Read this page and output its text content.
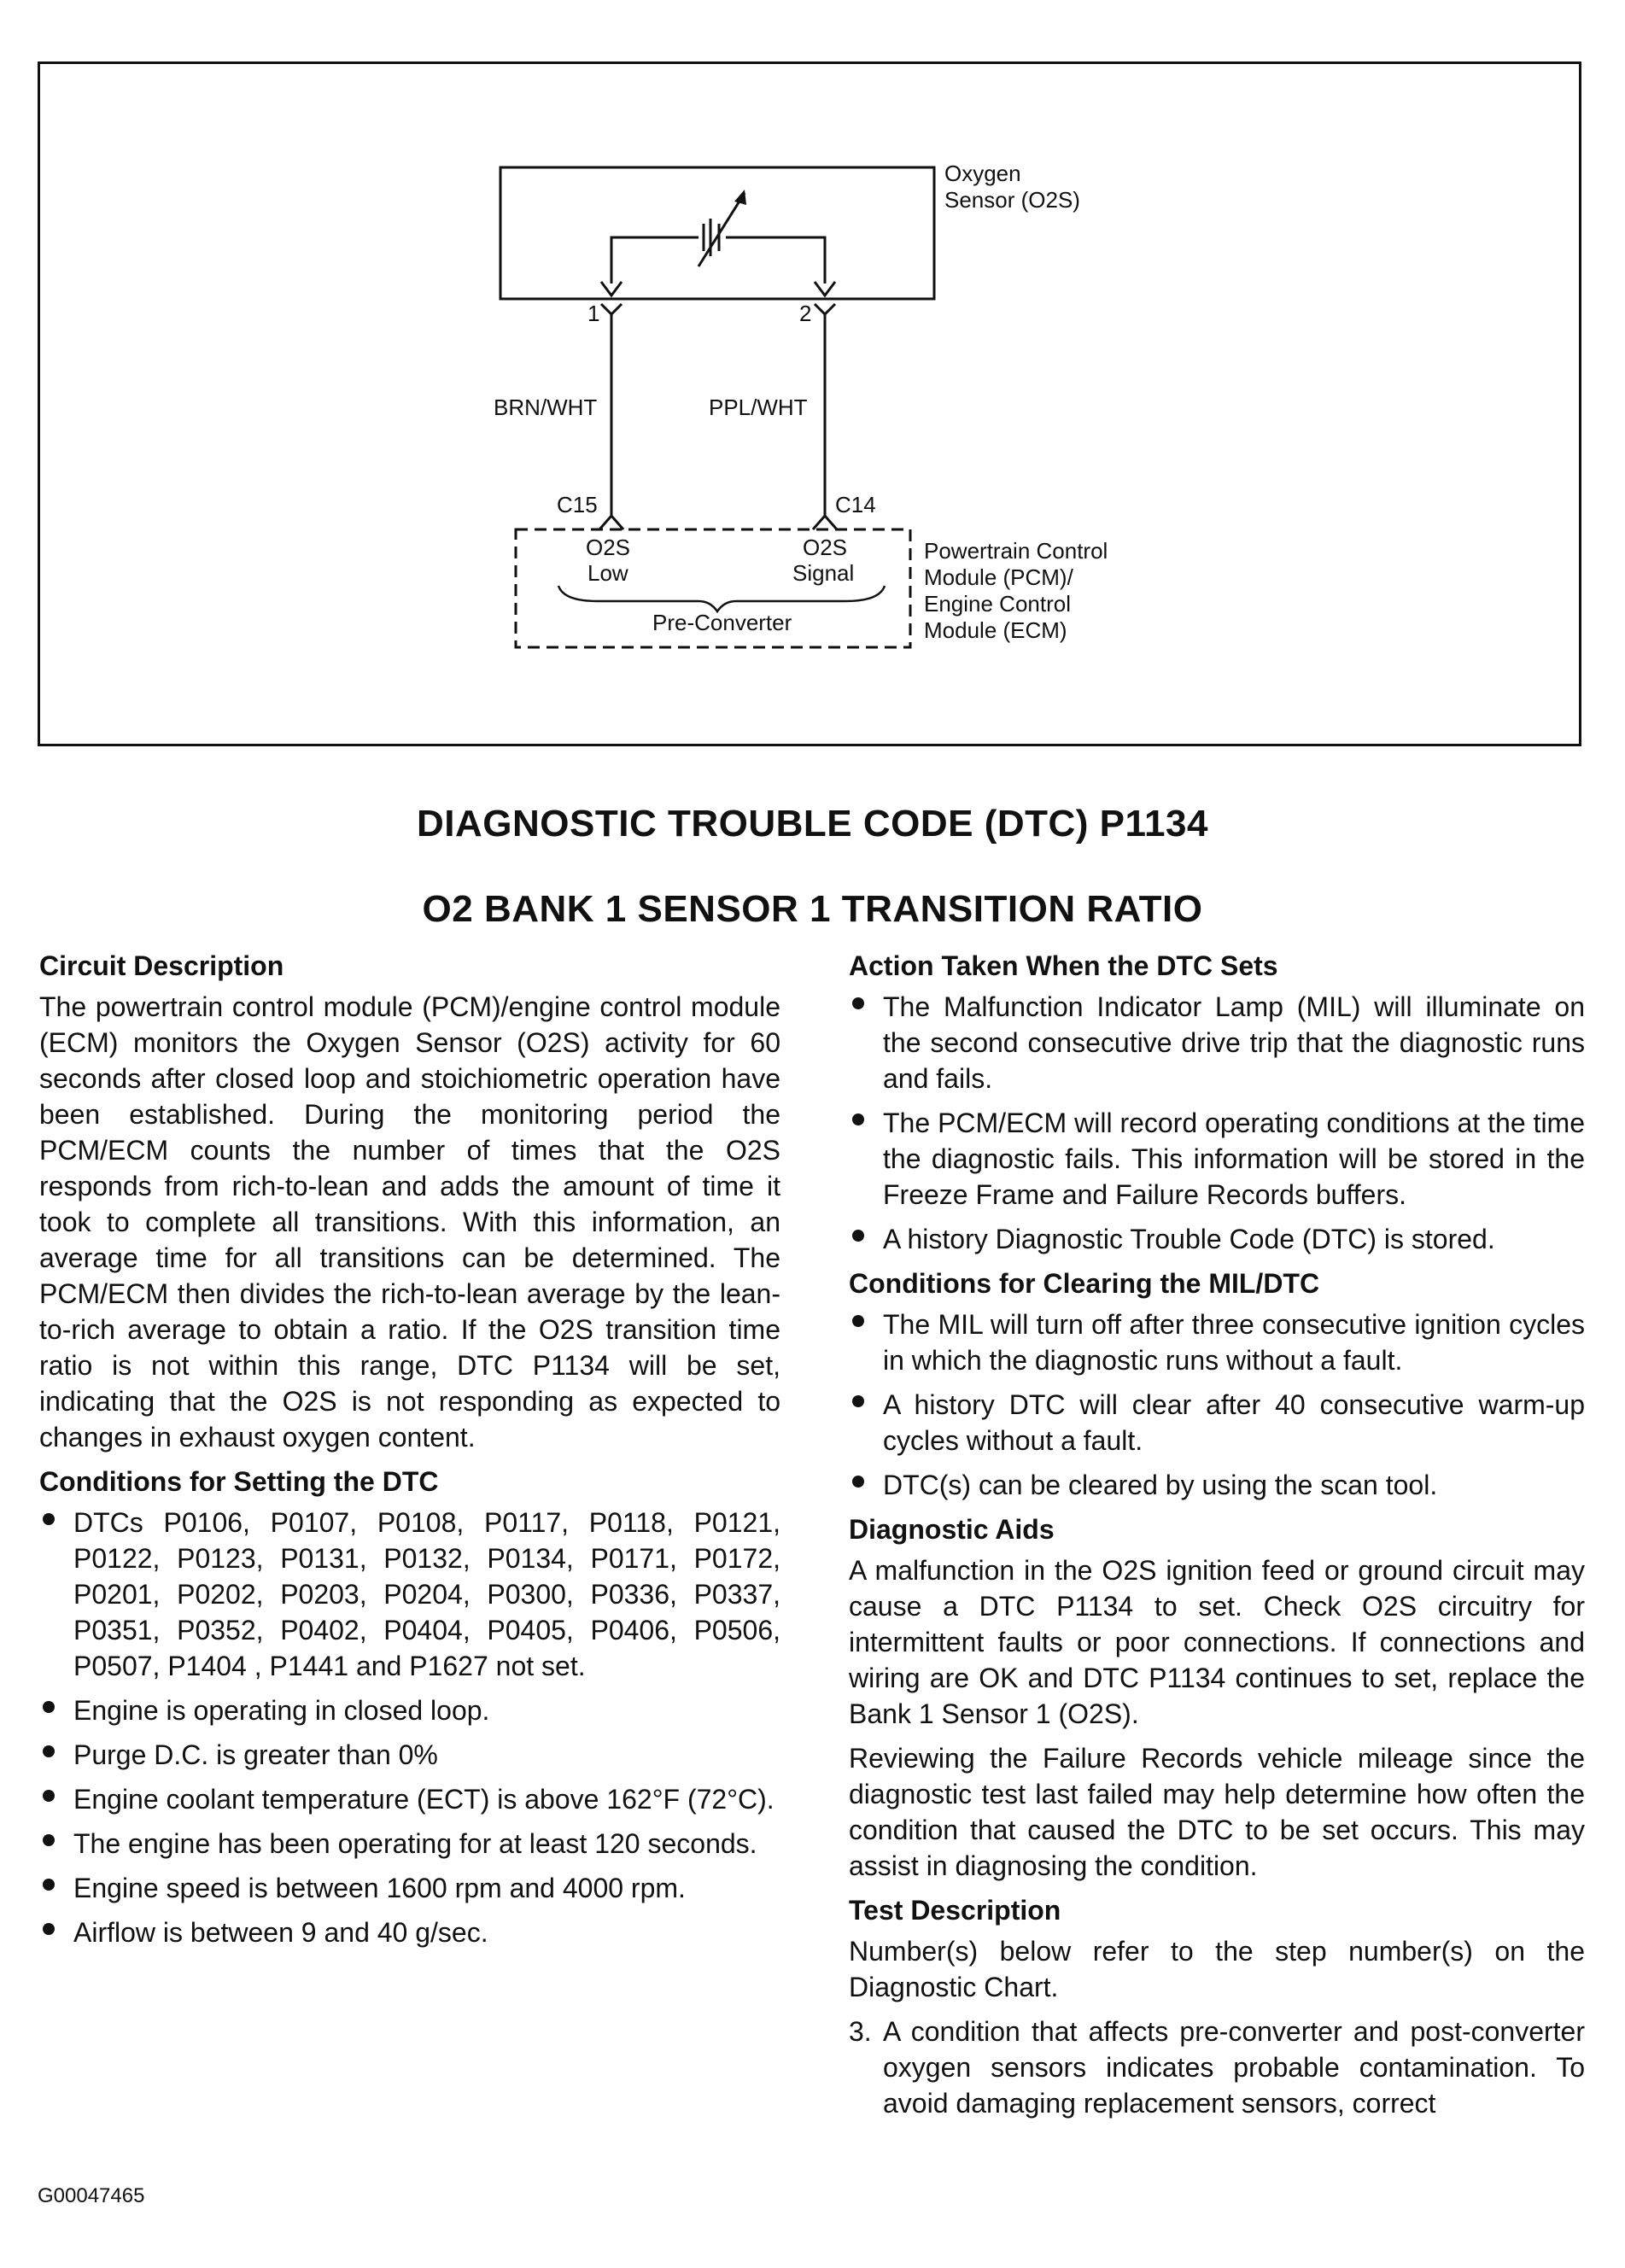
Oxygen
Sensor (O2S)
1	2
BRN/WHT	PPL/WHT
C15	C14
O2S
Low
O2S
Signal
Pre-Converter
Powertrain Control
Module (PCM)/
Engine Control
Module (ECM)
DIAGNOSTIC TROUBLE CODE (DTC) P1134
O2 BANK 1 SENSOR 1 TRANSITION RATIO
Circuit Description

The powertrain control module (PCM)/engine control module (ECM) monitors the Oxygen Sensor (O2S) activity for 60 seconds after closed loop and stoichiometric operation have been established. During the monitoring period the PCM/ECM counts the number of times that the O2S responds from rich-to-lean and adds the amount of time it took to complete all transitions. With this information, an average time for all transitions can be determined. The PCM/ECM then divides the rich-to-lean average by the lean-to-rich average to obtain a ratio. If the O2S transition time ratio is not within this range, DTC P1134 will be set, indicating that the O2S is not responding as expected to changes in exhaust oxygen content.

Conditions for Setting the DTC
DTCs P0106, P0107, P0108, P0117, P0118, P0121, P0122, P0123, P0131, P0132, P0134, P0171, P0172, P0201, P0202, P0203, P0204, P0300, P0336, P0337, P0351, P0352, P0402, P0404, P0405, P0406, P0506, P0507, P1404 , P1441 and P1627 not set.
Engine is operating in closed loop.
Purge D.C. is greater than 0%
Engine coolant temperature (ECT) is above 162°F (72°C).
The engine has been operating for at least 120 seconds.
Engine speed is between 1600 rpm and 4000 rpm.
Airflow is between 9 and 40 g/sec.
Action Taken When the DTC Sets
The Malfunction Indicator Lamp (MIL) will illuminate on the second consecutive drive trip that the diagnostic runs and fails.
The PCM/ECM will record operating conditions at the time the diagnostic fails. This information will be stored in the Freeze Frame and Failure Records buffers.
A history Diagnostic Trouble Code (DTC) is stored.
Conditions for Clearing the MIL/DTC
The MIL will turn off after three consecutive ignition cycles in which the diagnostic runs without a fault.
A history DTC will clear after 40 consecutive warm-up cycles without a fault.
DTC(s) can be cleared by using the scan tool.
Diagnostic Aids

A malfunction in the O2S ignition feed or ground circuit may cause a DTC P1134 to set. Check O2S circuitry for intermittent faults or poor connections. If connections and wiring are OK and DTC P1134 continues to set, replace the Bank 1 Sensor 1 (O2S).

Reviewing the Failure Records vehicle mileage since the diagnostic test last failed may help determine how often the condition that caused the DTC to be set occurs. This may assist in diagnosing the condition.

Test Description

Number(s) below refer to the step number(s) on the Diagnostic Chart.

3. A condition that affects pre-converter and post-converter oxygen sensors indicates probable contamination. To avoid damaging replacement sensors, correct
G00047465
